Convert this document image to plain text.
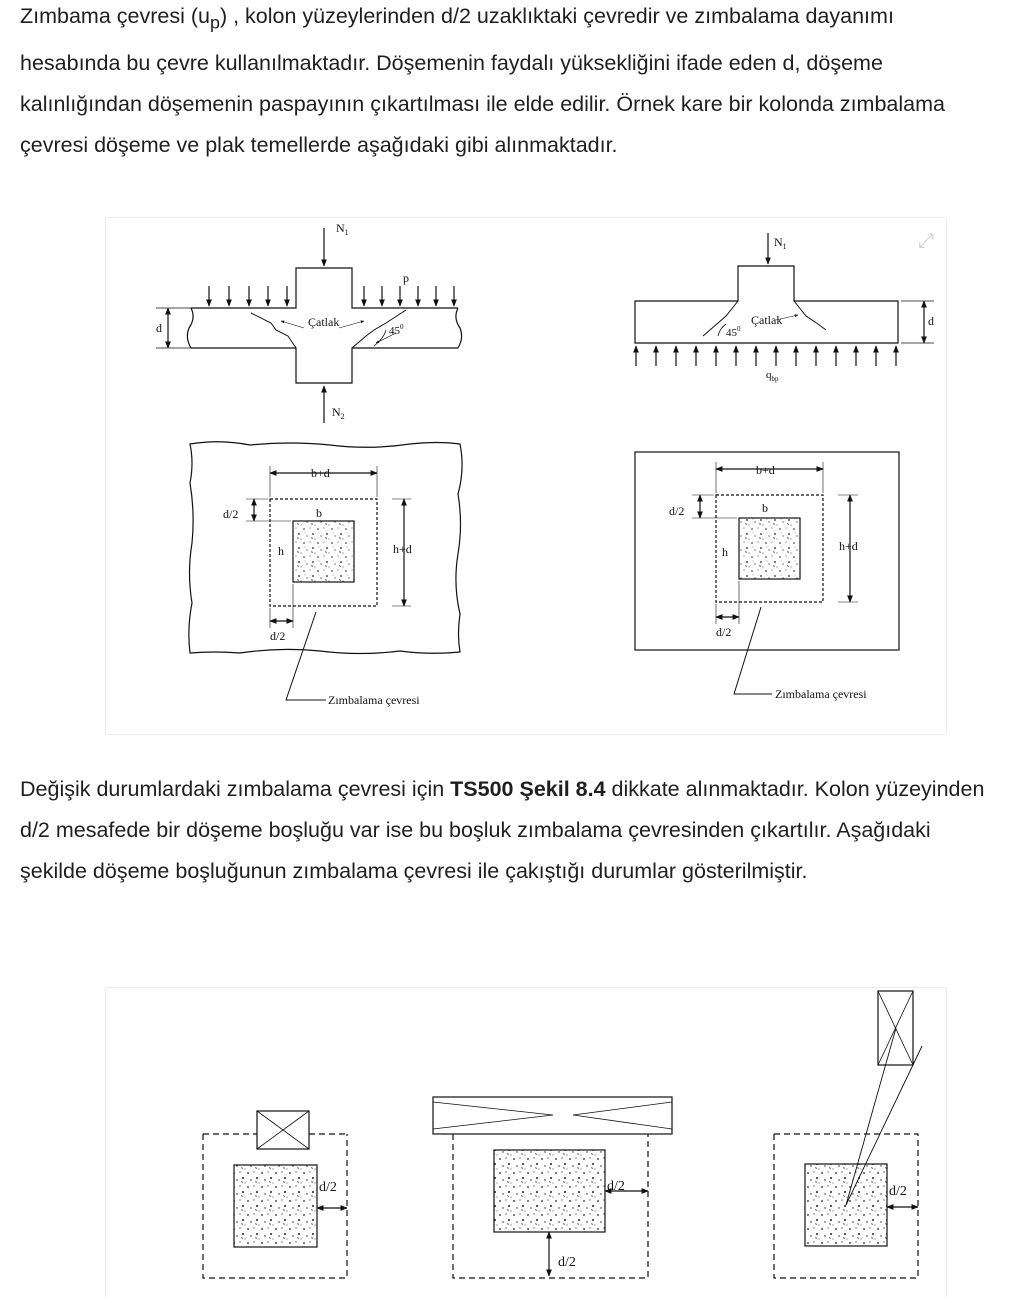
Zımbama çevresi $(u_p)$ , kolon yüzeylerinden d/2 uzaklıktaki çevredir ve zımbalama dayanımı hesabında bu çevre kullanılmaktadır. Döşemenin faydalı yüksekliğini ifade eden d, döşeme kalınlığından döşemenin paspayının çıkartılması ile elde edilir. Örnek kare bir kolonda zımbalama çevresi döşeme ve plak temellerde aşağıdaki gibi alınmaktadır.

⤢
$N_1$
$N_2$
p
d	Çatlak
$45^0$
$N_1$
Çatlak
$45^0$
d
$q_{bp}$
b+d
b
h	h+d
d/2
d/2
Zımbalama çevresi
b+d
b
h	h+d
d/2
d/2
Zımbalama çevresi

Değişik durumlardaki zımbalama çevresi için TS500 Şekil 8.4 dikkate alınmaktadır. Kolon yüzeyinden d/2 mesafede bir döşeme boşluğu var ise bu boşluk zımbalama çevresinden çıkartılır. Aşağıdaki şekilde döşeme boşluğunun zımbalama çevresi ile çakıştığı durumlar gösterilmiştir.

d/2	d/2
d/2
d/2
